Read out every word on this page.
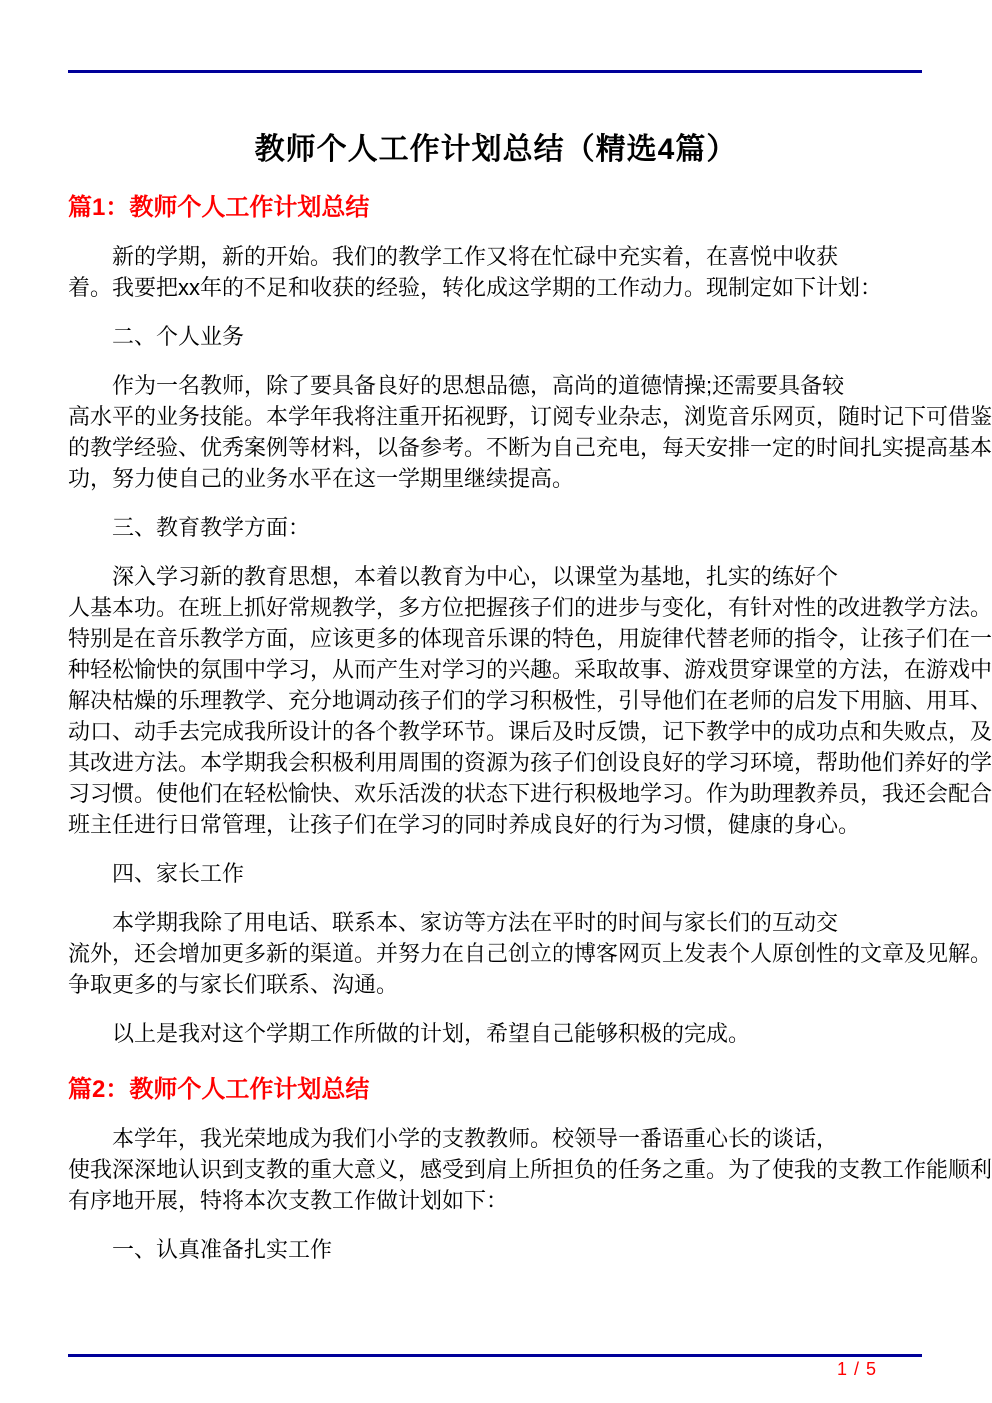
教师个人工作计划总结（精选4篇）
篇1：教师个人工作计划总结
新的学期，新的开始。我们的教学工作又将在忙碌中充实着，在喜悦中收获
着。我要把xx年的不足和收获的经验，转化成这学期的工作动力。现制定如下计划：
二、个人业务
作为一名教师，除了要具备良好的思想品德，高尚的道德情操;还需要具备较
高水平的业务技能。本学年我将注重开拓视野，订阅专业杂志，浏览音乐网页，随时记下可借鉴
的教学经验、优秀案例等材料，以备参考。不断为自己充电，每天安排一定的时间扎实提高基本
功，努力使自己的业务水平在这一学期里继续提高。
三、教育教学方面：
深入学习新的教育思想，本着以教育为中心，以课堂为基地，扎实的练好个
人基本功。在班上抓好常规教学，多方位把握孩子们的进步与变化，有针对性的改进教学方法。
特别是在音乐教学方面，应该更多的体现音乐课的特色，用旋律代替老师的指令，让孩子们在一
种轻松愉快的氛围中学习，从而产生对学习的兴趣。采取故事、游戏贯穿课堂的方法，在游戏中
解决枯燥的乐理教学、充分地调动孩子们的学习积极性，引导他们在老师的启发下用脑、用耳、
动口、动手去完成我所设计的各个教学环节。课后及时反馈，记下教学中的成功点和失败点，及
其改进方法。本学期我会积极利用周围的资源为孩子们创设良好的学习环境，帮助他们养好的学
习习惯。使他们在轻松愉快、欢乐活泼的状态下进行积极地学习。作为助理教养员，我还会配合
班主任进行日常管理，让孩子们在学习的同时养成良好的行为习惯，健康的身心。
四、家长工作
本学期我除了用电话、联系本、家访等方法在平时的时间与家长们的互动交
流外，还会增加更多新的渠道。并努力在自己创立的博客网页上发表个人原创性的文章及见解。
争取更多的与家长们联系、沟通。
以上是我对这个学期工作所做的计划，希望自己能够积极的完成。
篇2：教师个人工作计划总结
本学年，我光荣地成为我们小学的支教教师。校领导一番语重心长的谈话，
使我深深地认识到支教的重大意义，感受到肩上所担负的任务之重。为了使我的支教工作能顺利
有序地开展，特将本次支教工作做计划如下：
一、认真准备扎实工作
1 / 5
